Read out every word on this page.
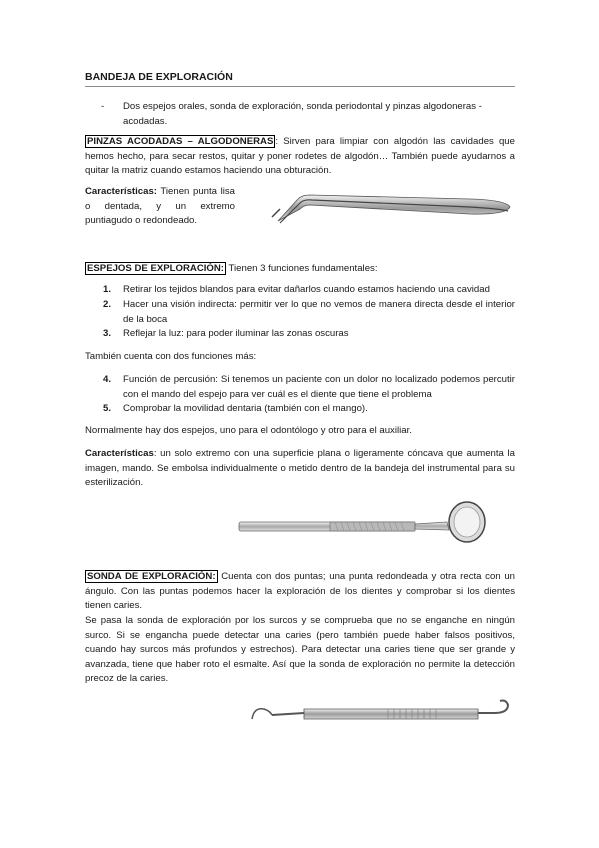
BANDEJA DE EXPLORACIÓN
- Dos espejos orales, sonda de exploración, sonda periodontal y pinzas algodoneras - acodadas.
PINZAS ACODADAS – ALGODONERAS : Sirven para limpiar con algodón las cavidades que hemos hecho, para secar restos, quitar y poner rodetes de algodón… También puede ayudarnos a quitar la matriz cuando estamos haciendo una obturación.
Características: Tienen punta lisa o dentada, y un extremo puntiagudo o redondeado.
ESPEJOS DE EXPLORACIÓN: Tienen 3 funciones fundamentales:
1.	Retirar los tejidos blandos para evitar dañarlos cuando estamos haciendo una cavidad
2.	Hacer una visión indirecta: permitir ver lo que no vemos de manera directa desde el interior de la boca
3.	Reflejar la luz: para poder iluminar las zonas oscuras
También cuenta con dos funciones más:
4.	Función de percusión: Si tenemos un paciente con un dolor no localizado podemos percutir con el mando del espejo para ver cuál es el diente que tiene el problema
5.	Comprobar la movilidad dentaria (también con el mango).
Normalmente hay dos espejos, uno para el odontólogo y otro para el auxiliar.
Características: un solo extremo con una superficie plana o ligeramente cóncava que aumenta la imagen, mando. Se embolsa individualmente o metido dentro de la bandeja del instrumental para su esterilización.
SONDA DE EXPLORACIÓN: Cuenta con dos puntas; una punta redondeada y otra recta con un ángulo. Con las puntas podemos hacer la exploración de los dientes y comprobar si los dientes tienen caries.
Se pasa la sonda de exploración por los surcos y se comprueba que no se enganche en ningún surco. Si se engancha puede detectar una caries (pero también puede haber falsos positivos, cuando hay surcos más profundos y estrechos). Para detectar una caries tiene que ser grande y avanzada, tiene que haber roto el esmalte. Así que la sonda de exploración no permite la detección precoz de la caries.
